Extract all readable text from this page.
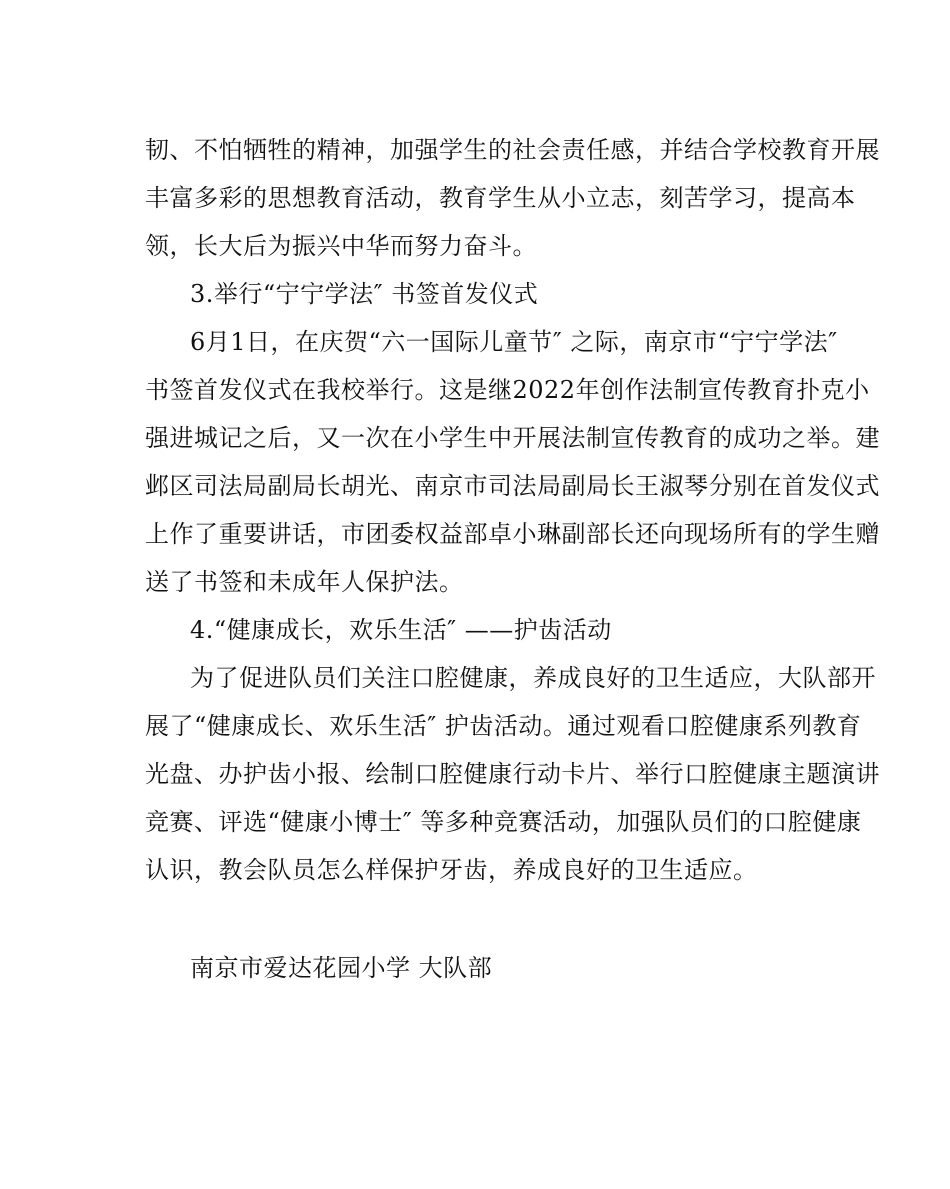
韧、不怕牺牲的精神，加强学生的社会责任感，并结合学校教育开展
丰富多彩的思想教育活动，教育学生从小立志，刻苦学习，提高本
领，长大后为振兴中华而努力奋斗。
3.举行“宁宁学法″ 书签首发仪式
6月1日，在庆贺“六一国际儿童节″ 之际，南京市“宁宁学法″
书签首发仪式在我校举行。这是继2022年创作法制宣传教育扑克小
强进城记之后，又一次在小学生中开展法制宣传教育的成功之举。建
邺区司法局副局长胡光、南京市司法局副局长王淑琴分别在首发仪式
上作了重要讲话，市团委权益部卓小琳副部长还向现场所有的学生赠
送了书签和未成年人保护法。
4.“健康成长，欢乐生活″ ——护齿活动
为了促进队员们关注口腔健康，养成良好的卫生适应，大队部开
展了“健康成长、欢乐生活″ 护齿活动。通过观看口腔健康系列教育
光盘、办护齿小报、绘制口腔健康行动卡片、举行口腔健康主题演讲
竞赛、评选“健康小博士″ 等多种竞赛活动，加强队员们的口腔健康
认识，教会队员怎么样保护牙齿，养成良好的卫生适应。
南京市爱达花园小学 大队部
